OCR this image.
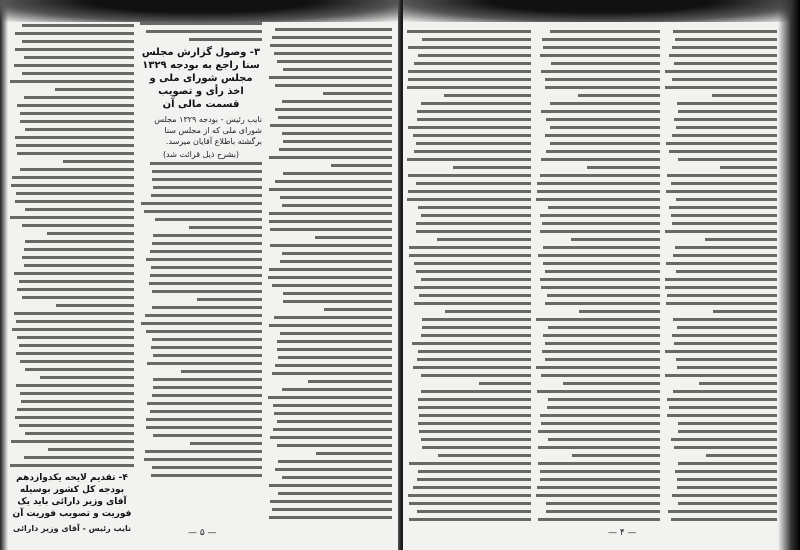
۳- وصول گزارش مجلس سنا راجع به بودجه ۱۳۲۹ مجلس شورای ملی و اخذ رأی و تصویب قسمت مالی آن
نایب رئیس - بودجه ۱۳۲۹ مجلس شورای ملی که از مجلس سنا برگشته باطلاع آقایان میرسد.
(بشرح ذیل قرائت شد)
۴- تقدیم لایحه یکدوازدهم بودجه کل کشور بوسیله آقای وزیر دارائی باید یک فوریت و تصویب فوریت آن
نایب رئیس - آقای وزیر دارائی	— ۵ —	— ۴ —
